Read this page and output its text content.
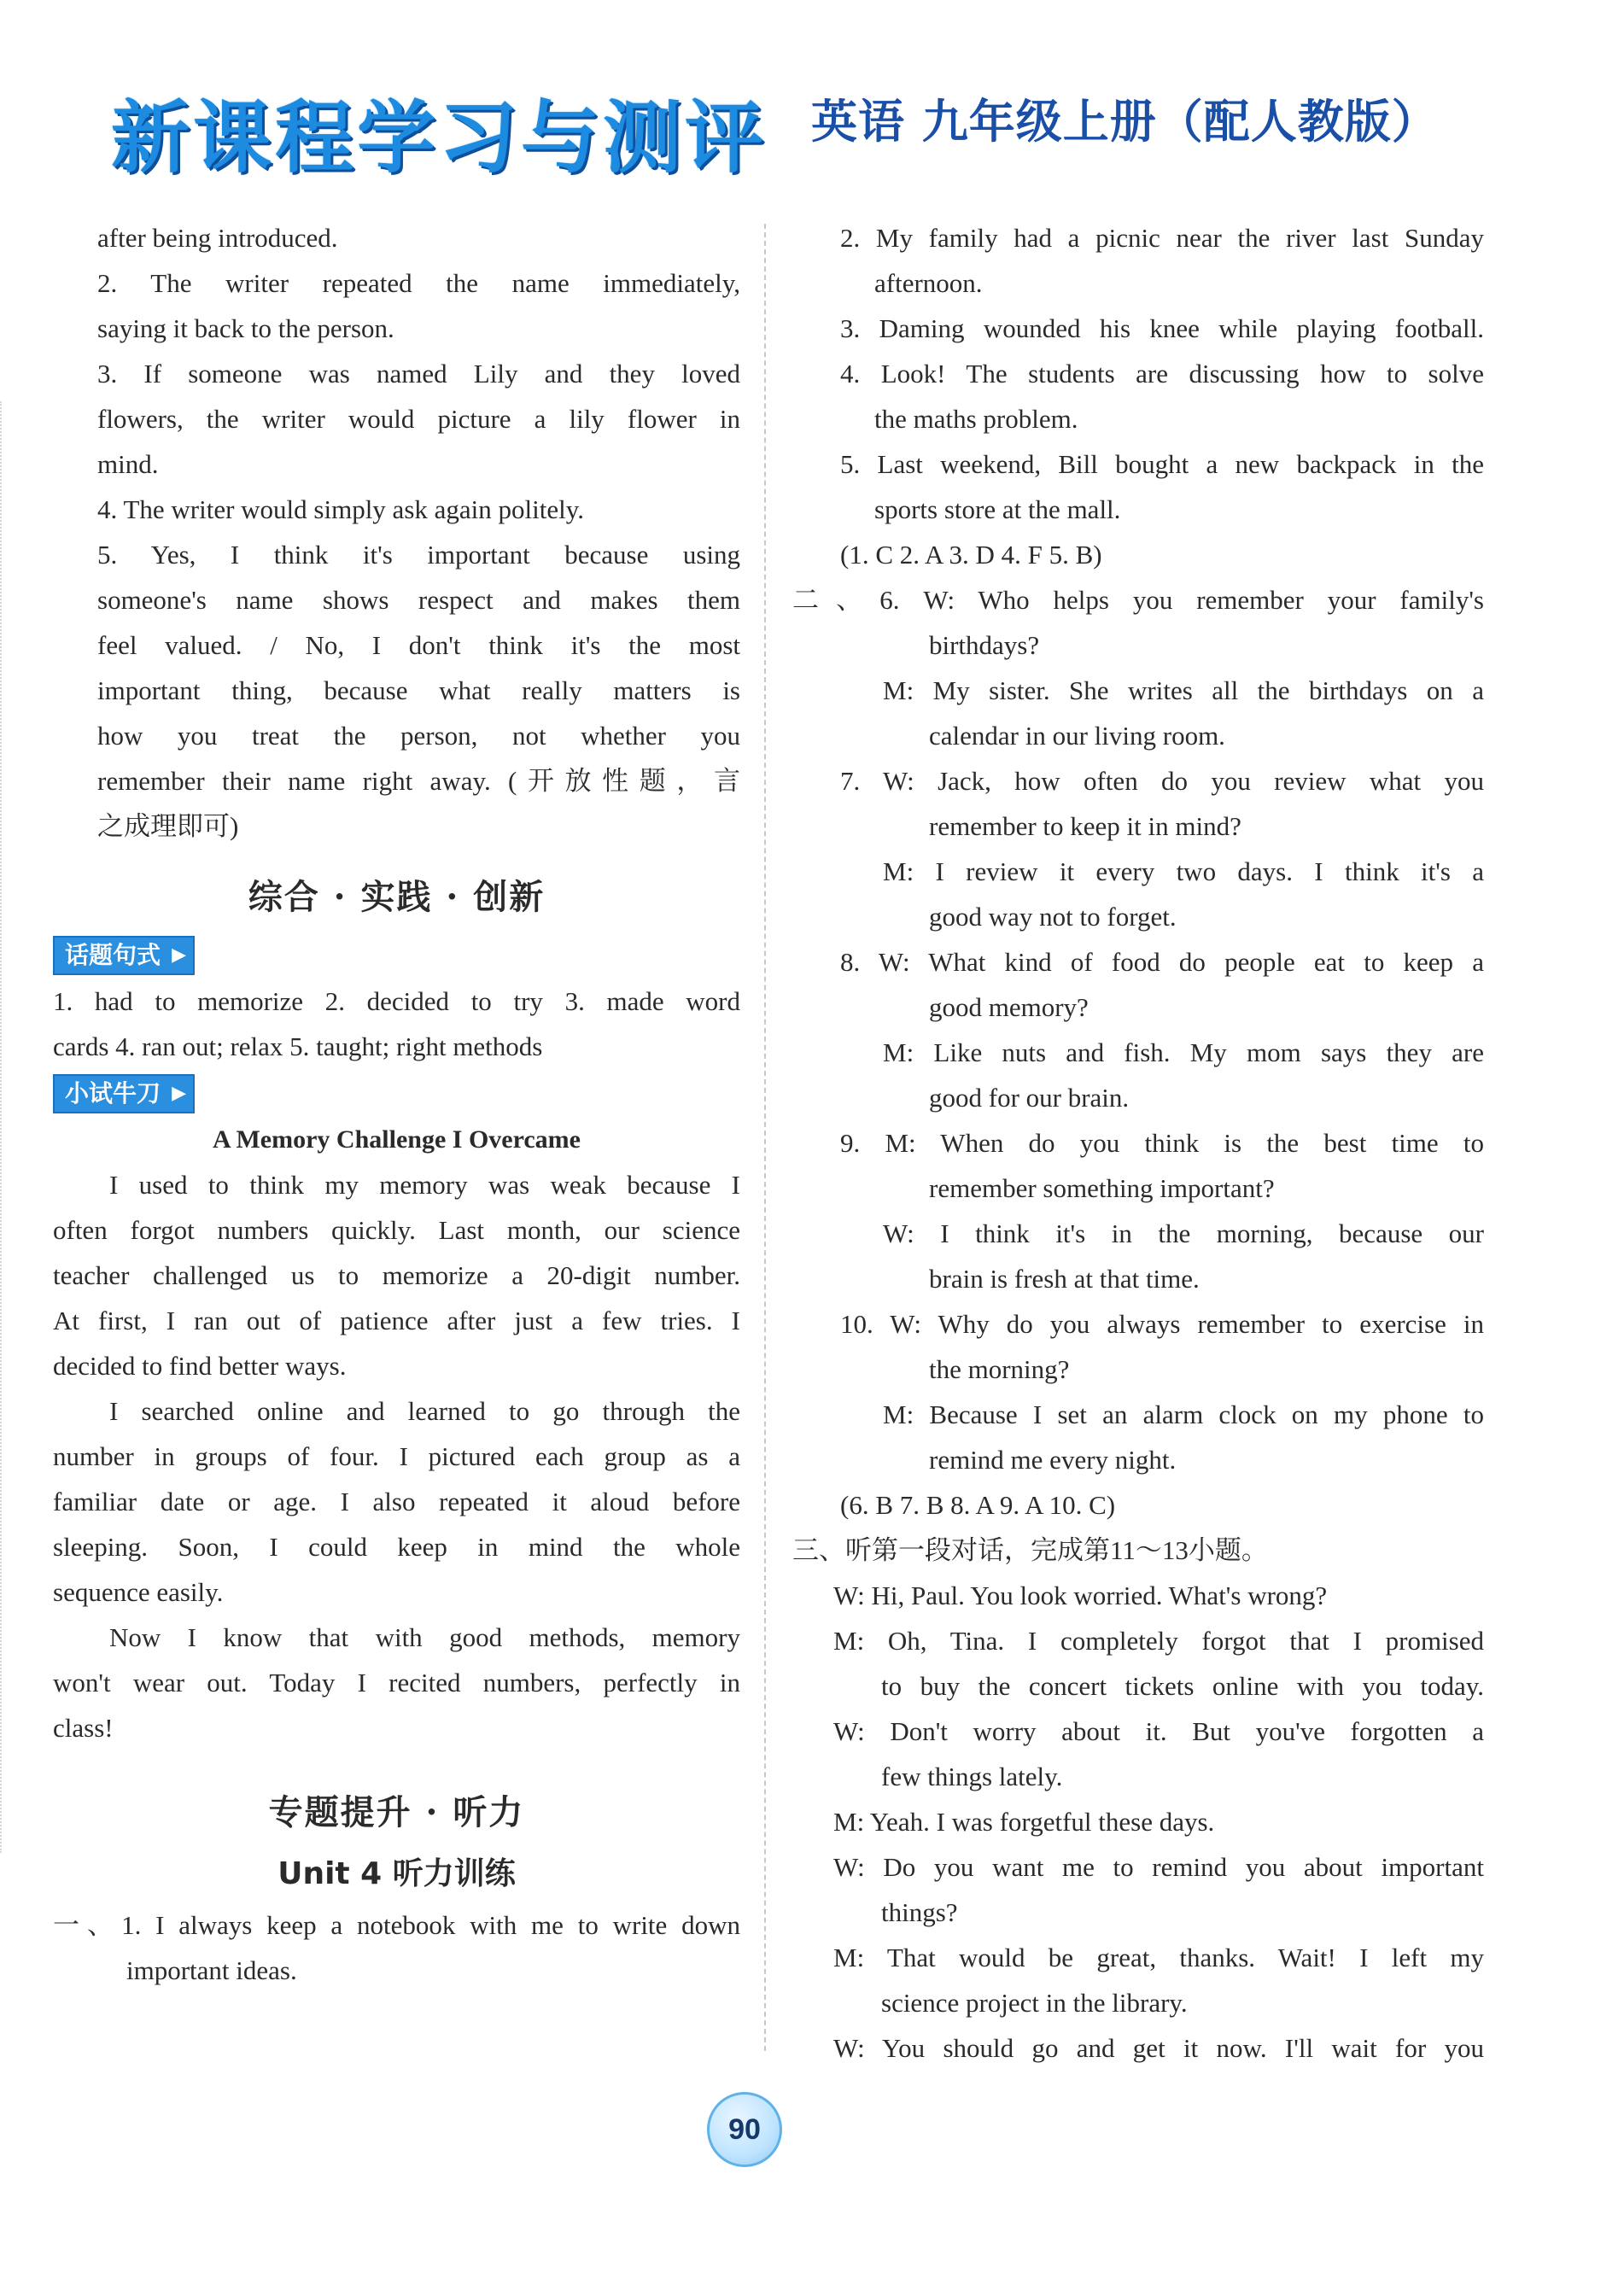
新课程学习与测评 英语 九年级上册（配人教版）
after being introduced.
2. The writer repeated the name immediately,
saying it back to the person.
3. If someone was named Lily and they loved
flowers, the writer would picture a lily flower in
mind.
4. The writer would simply ask again politely.
5. Yes, I think it's important because using
someone's name shows respect and makes them
feel valued. / No, I don't think it's the most
important thing, because what really matters is
how you treat the person, not whether you
remember their name right away. (开放性题，言
之成理即可)
综合 · 实践 · 创新
话题句式 ▶
1. had to memorize 2. decided to try 3. made word
cards 4. ran out; relax 5. taught; right methods
小试牛刀 ▶
A Memory Challenge I Overcame
I used to think my memory was weak because I
often forgot numbers quickly. Last month, our science
teacher challenged us to memorize a 20-digit number.
At first, I ran out of patience after just a few tries. I
decided to find better ways.
I searched online and learned to go through the
number in groups of four. I pictured each group as a
familiar date or age. I also repeated it aloud before
sleeping. Soon, I could keep in mind the whole
sequence easily.
Now I know that with good methods, memory
won't wear out. Today I recited numbers, perfectly in
class!
专题提升 · 听力
Unit 4 听力训练
一、1. I always keep a notebook with me to write down
important ideas.
2. My family had a picnic near the river last Sunday
afternoon.
3. Daming wounded his knee while playing football.
4. Look! The students are discussing how to solve
the maths problem.
5. Last weekend, Bill bought a new backpack in the
sports store at the mall.
(1. C 2. A 3. D 4. F 5. B)
二、6. W: Who helps you remember your family's
birthdays?
M: My sister. She writes all the birthdays on a
calendar in our living room.
7. W: Jack, how often do you review what you
remember to keep it in mind?
M: I review it every two days. I think it's a
good way not to forget.
8. W: What kind of food do people eat to keep a
good memory?
M: Like nuts and fish. My mom says they are
good for our brain.
9. M: When do you think is the best time to
remember something important?
W: I think it's in the morning, because our
brain is fresh at that time.
10. W: Why do you always remember to exercise in
the morning?
M: Because I set an alarm clock on my phone to
remind me every night.
(6. B 7. B 8. A 9. A 10. C)
三、听第一段对话，完成第11～13小题。
W: Hi, Paul. You look worried. What's wrong?
M: Oh, Tina. I completely forgot that I promised
to buy the concert tickets online with you today.
W: Don't worry about it. But you've forgotten a
few things lately.
M: Yeah. I was forgetful these days.
W: Do you want me to remind you about important
things?
M: That would be great, thanks. Wait! I left my
science project in the library.
W: You should go and get it now. I'll wait for you
90
